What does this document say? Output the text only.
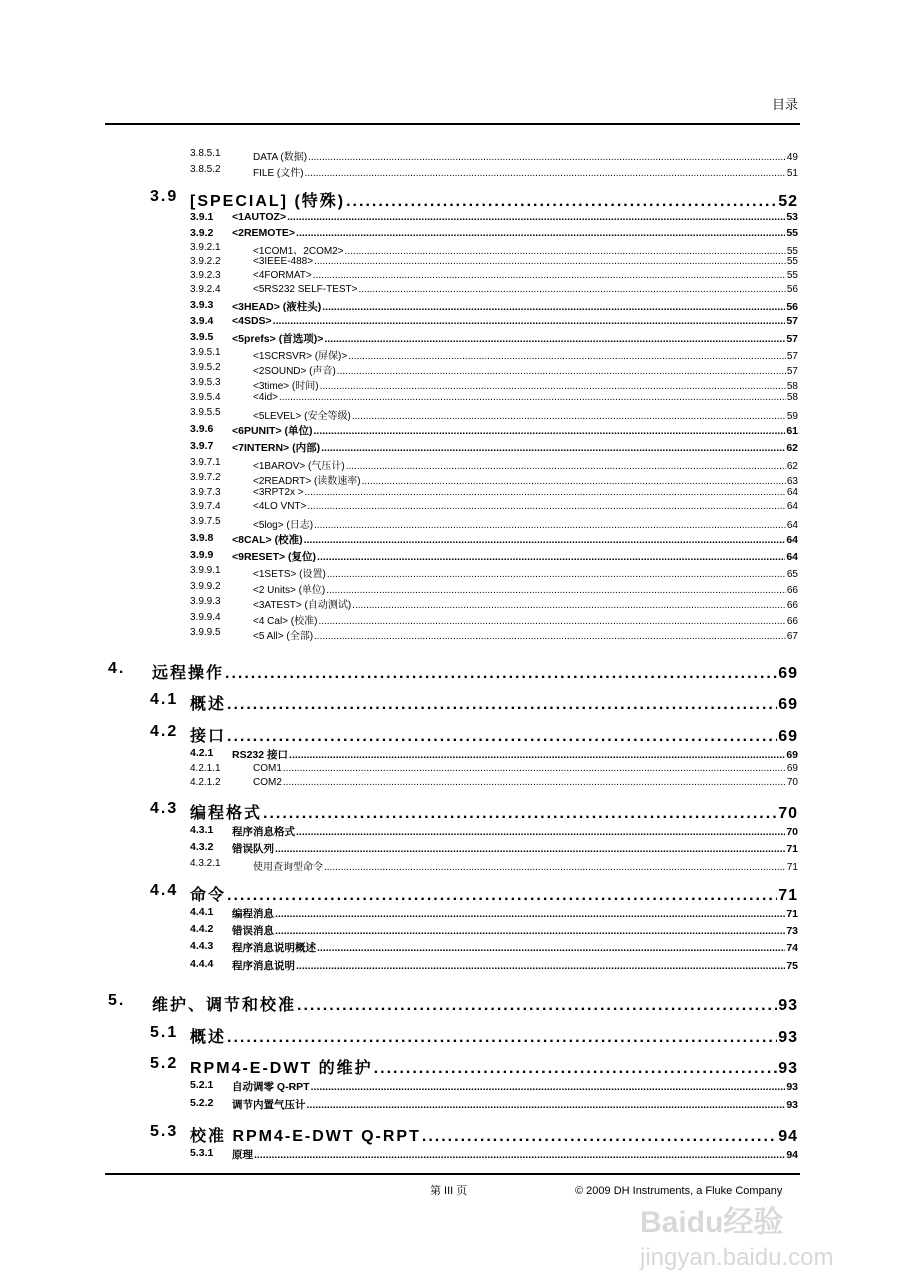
目录
3.8.5.1	DATA (数据) .....	49
3.8.5.2	FILE (文件) .....	51
3.9 [SPECIAL] (特殊) .....	52
3.9.1 <1AUTOZ> .....	53
3.9.2 <2REMOTE> .....	55
3.9.2.1	<1COM1、2COM2> .....	55
3.9.2.2	<3IEEE-488> .....	55
3.9.2.3	<4FORMAT> .....	55
3.9.2.4	<5RS232 SELF-TEST> .....	56
3.9.3 <3HEAD> (液柱头) .....	56
3.9.4 <4SDS> .....	57
3.9.5 <5prefs> (首选项)> .....	57
3.9.5.1	<1SCRSVR> (屏保)> .....	57
3.9.5.2	<2SOUND> (声音) .....	57
3.9.5.3	<3time> (时间) .....	58
3.9.5.4	<4id> .....	58
3.9.5.5	<5LEVEL> (安全等级) .....	59
3.9.6 <6PUNIT> (单位) .....	61
3.9.7 <7INTERN> (内部) .....	62
3.9.7.1	<1BAROV> (气压计) .....	62
3.9.7.2	<2READRT> (读数速率) .....	63
3.9.7.3	<3RPT2x > .....	64
3.9.7.4	<4LO VNT> .....	64
3.9.7.5	<5log> (日志) .....	64
3.9.8 <8CAL> (校准) .....	64
3.9.9 <9RESET> (复位) .....	64
3.9.9.1	<1SETS> (设置) .....	65
3.9.9.2	<2 Units> (单位) .....	66
3.9.9.3	<3ATEST> (自动测试) .....	66
3.9.9.4	<4 Cal> (校准) .....	66
3.9.9.5	<5 All> (全部) .....	67
4. 远程操作 .....	69
4.1 概述 .....	69
4.2 接口 .....	69
4.2.1 RS232 接口 .....	69
4.2.1.1	COM1 .....	69
4.2.1.2	COM2 .....	70
4.3 编程格式 .....	70
4.3.1 程序消息格式 .....	70
4.3.2 错误队列 .....	71
4.3.2.1	使用查询型命令 .....	71
4.4 命令 .....	71
4.4.1 编程消息 .....	71
4.4.2 错误消息 .....	73
4.4.3 程序消息说明概述 .....	74
4.4.4 程序消息说明 .....	75
5. 维护、调节和校准 .....	93
5.1 概述 .....	93
5.2 RPM4-E-DWT 的维护 .....	93
5.2.1 自动调零 Q-RPT .....	93
5.2.2 调节内置气压计 .....	93
5.3 校准 RPM4-E-DWT Q-RPT .....	94
5.3.1 原理 .....	94
第 III 页	© 2009 DH Instruments, a Fluke Company
Baidu经验
jingyan.baidu.com
